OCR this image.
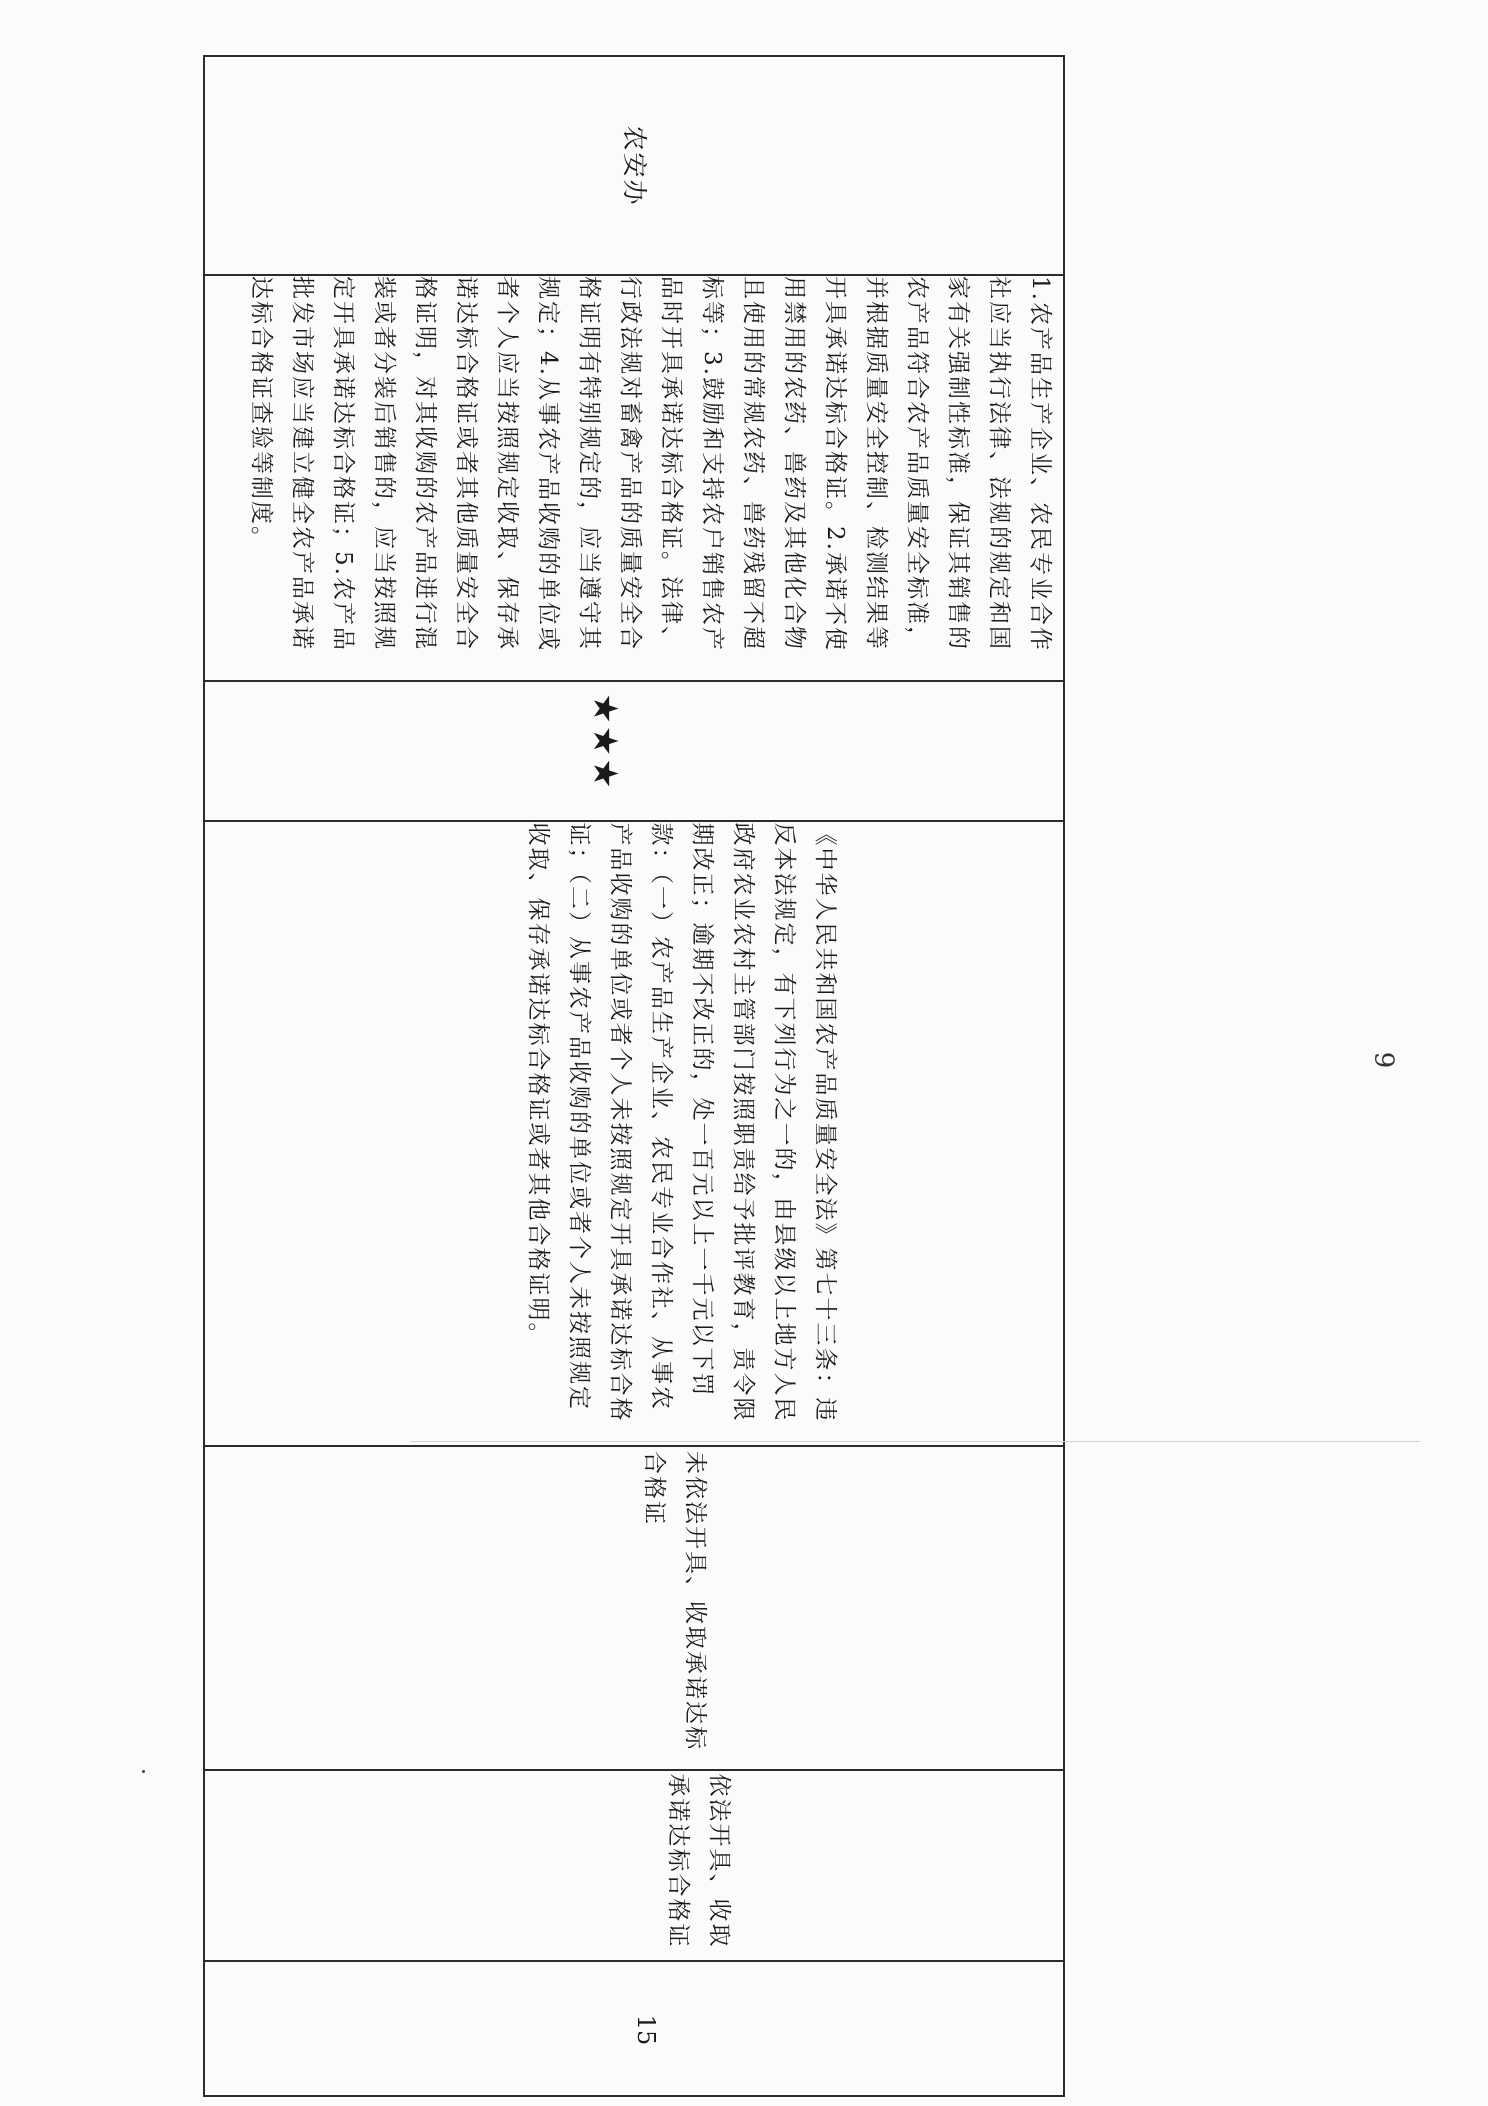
农安办
1.农产品生产企业、农民专业合作社应当执行法律、法规的规定和国家有关强制性标准，保证其销售的农产品符合农产品质量安全标准，并根据质量安全控制、检测结果等开具承诺达标合格证。2.承诺不使用禁用的农药、兽药及其他化合物且使用的常规农药、兽药残留不超标等；3.鼓励和支持农户销售农产品时开具承诺达标合格证。法律、行政法规对畜禽产品的质量安全合格证明有特别规定的，应当遵守其规定；4.从事农产品收购的单位或者个人应当按照规定收取、保存承诺达标合格证或者其他质量安全合格证明，对其收购的农产品进行混装或者分装后销售的，应当按照规定开具承诺达标合格证；5.农产品批发市场应当建立健全农产品承诺达标合格证查验等制度。
★★★
《中华人民共和国农产品质量安全法》第七十三条：违反本法规定，有下列行为之一的，由县级以上地方人民政府农业农村主管部门按照职责给予批评教育，责令限期改正；逾期不改正的，处一百元以上一千元以下罚款：（一）农产品生产企业、农民专业合作社、从事农产品收购的单位或者个人未按照规定开具承诺达标合格证；（二）从事农产品收购的单位或者个人未按照规定收取、保存承诺达标合格证或者其他合格证明。
未依法开具、收取承诺达标合格证
依法开具、收取承诺达标合格证
15
9
